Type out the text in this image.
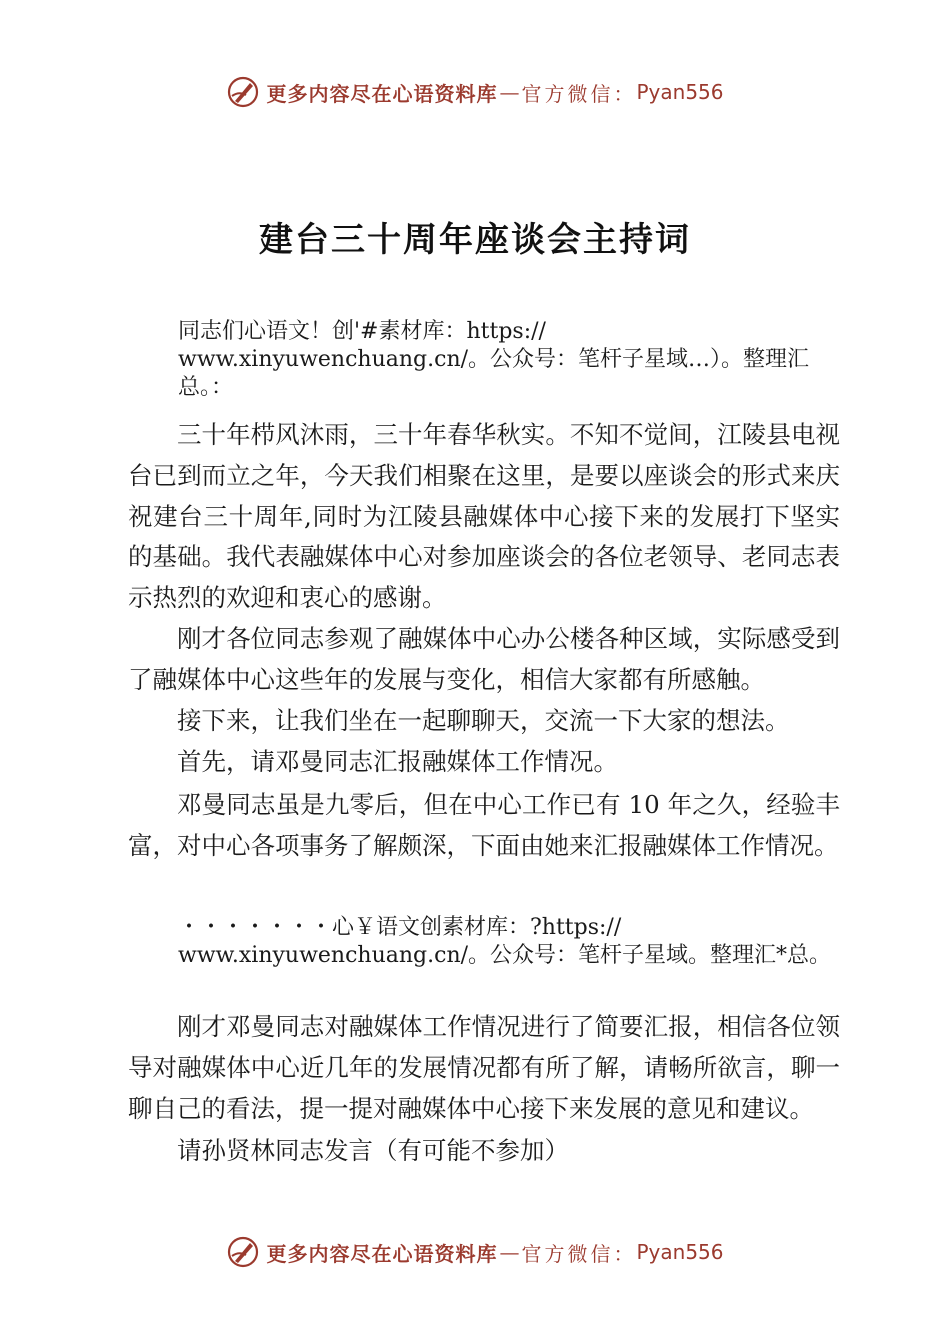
更多内容尽在心语资料库 — 官方微信： Pyan556
建台三十周年座谈会主持词
同志们心语文！创'#素材库：https:// www.xinyuwenchuang.cn/。公众号：笔杆子星域…）。整理汇总。：
三十年栉风沐雨，三十年春华秋实。不知不觉间，江陵县电视台已到而立之年，今天我们相聚在这里，是要以座谈会的形式来庆祝建台三十周年,同时为江陵县融媒体中心接下来的发展打下坚实的基础。我代表融媒体中心对参加座谈会的各位老领导、老同志表示热烈的欢迎和衷心的感谢。
刚才各位同志参观了融媒体中心办公楼各种区域，实际感受到了融媒体中心这些年的发展与变化，相信大家都有所感触。
接下来，让我们坐在一起聊聊天，交流一下大家的想法。
首先，请邓曼同志汇报融媒体工作情况。
邓曼同志虽是九零后，但在中心工作已有 10 年之久，经验丰富，对中心各项事务了解颇深，下面由她来汇报融媒体工作情况。
・・・・・・・心￥语文创素材库：?https:// www.xinyuwenchuang.cn/。公众号：笔杆子星域。整理汇*总。
刚才邓曼同志对融媒体工作情况进行了简要汇报，相信各位领导对融媒体中心近几年的发展情况都有所了解，请畅所欲言，聊一聊自己的看法，提一提对融媒体中心接下来发展的意见和建议。
请孙贤林同志发言（有可能不参加）
更多内容尽在心语资料库 — 官方微信： Pyan556
